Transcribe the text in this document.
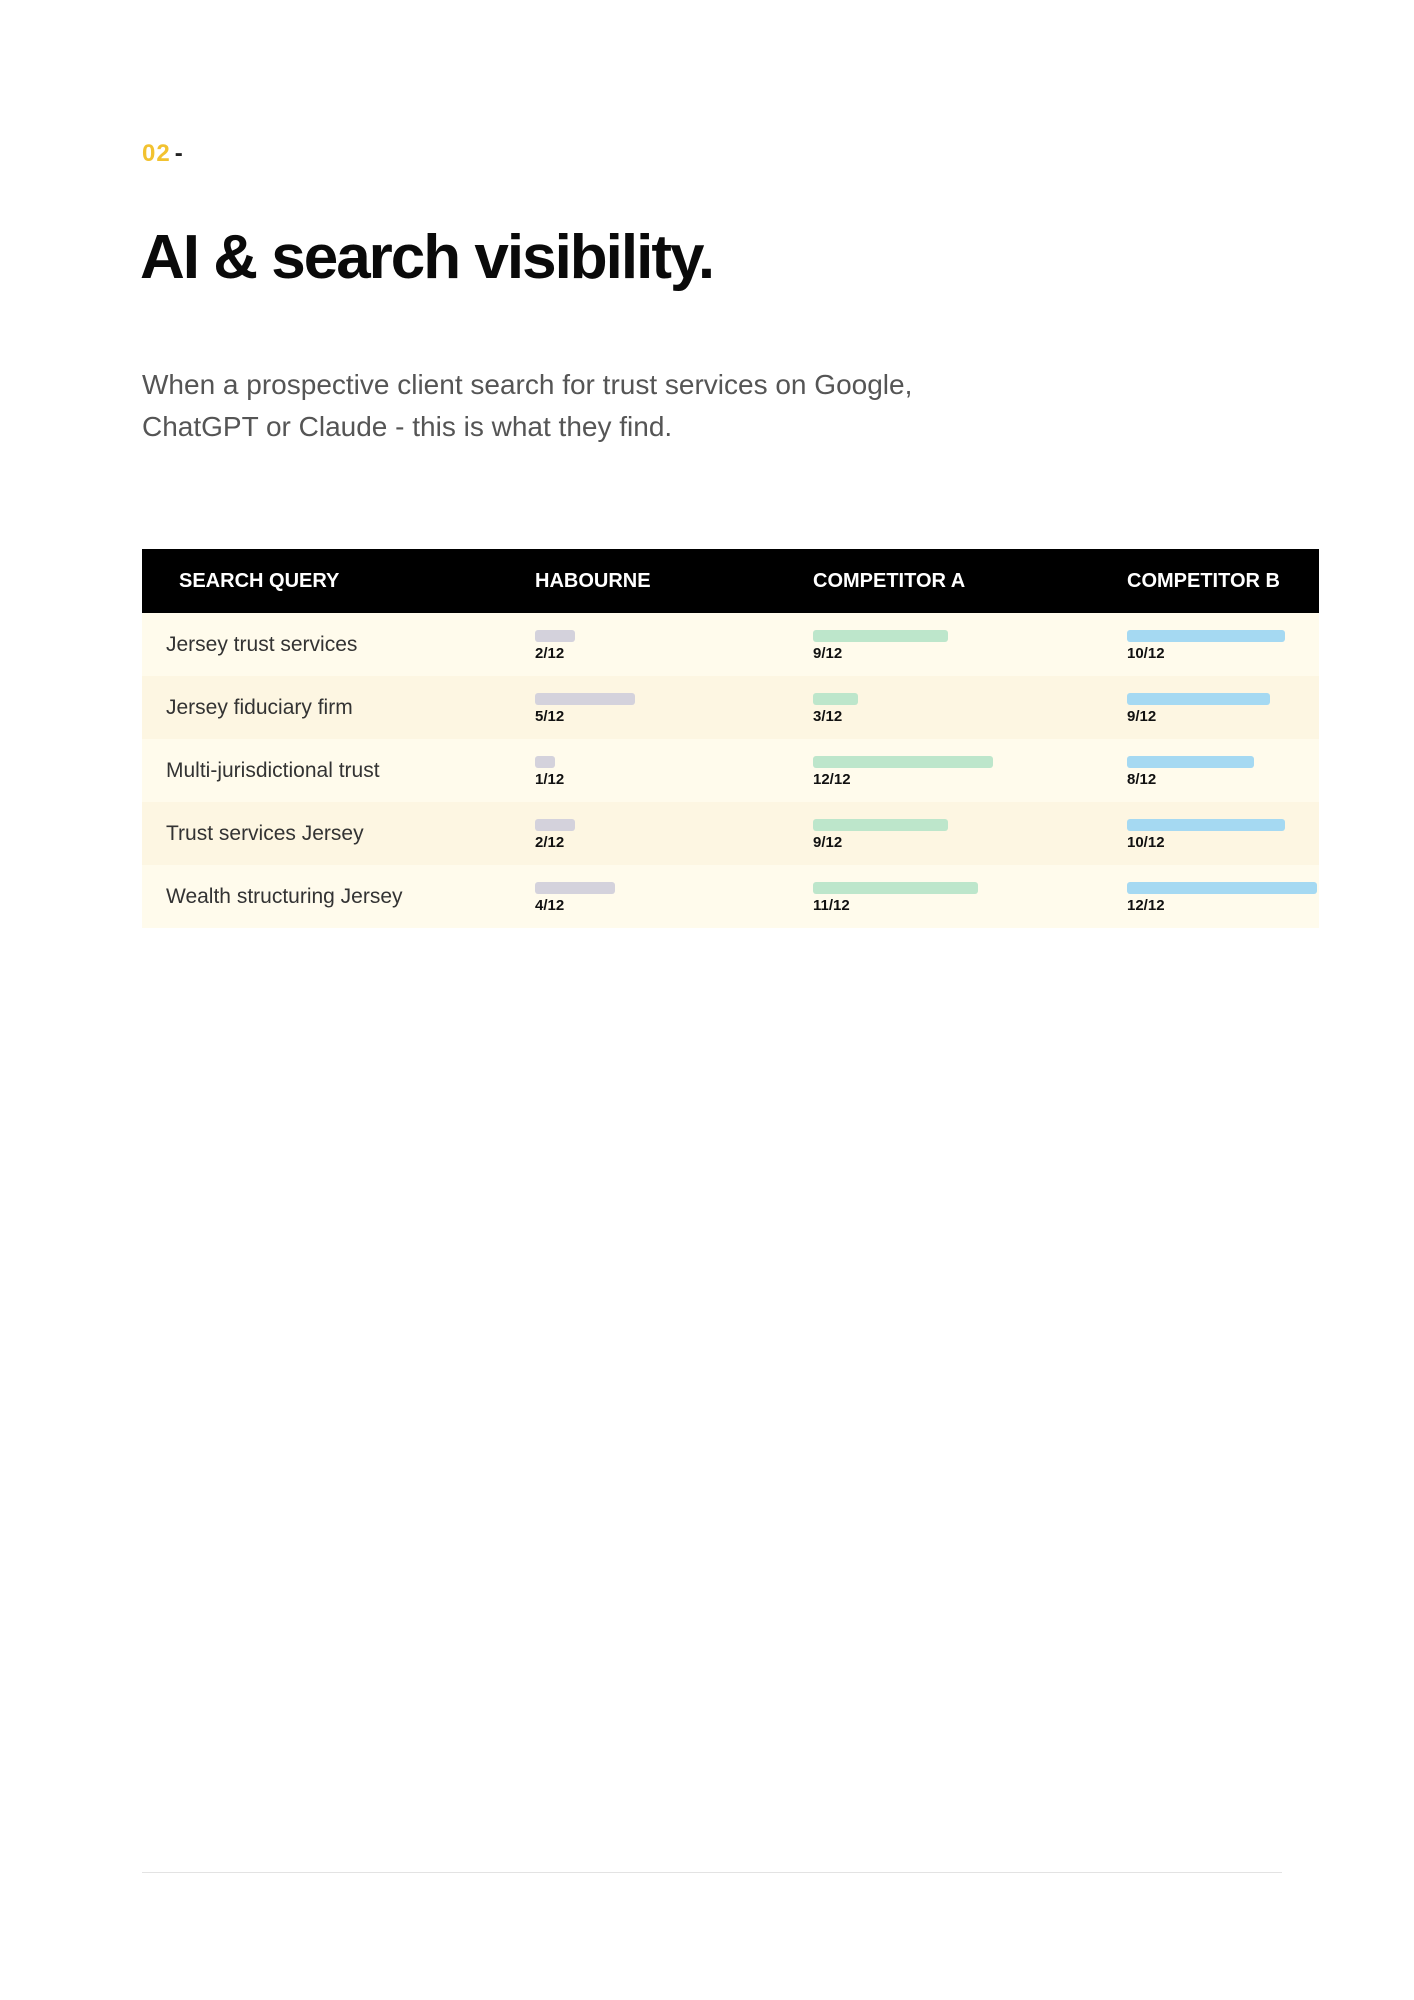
02 -
AI & search visibility.

When a prospective client search for trust services on Google, ChatGPT or Claude - this is what they find.

SEARCH QUERY	HABOURNE	COMPETITOR A	COMPETITOR B
Jersey trust services	2/12	9/12	10/12

Jersey fiduciary firm	5/12	3/12	9/12

Multi-jurisdictional trust	1/12	12/12	8/12

Trust services Jersey	2/12	9/12	10/12

Wealth structuring Jersey	4/12	11/12	12/12
